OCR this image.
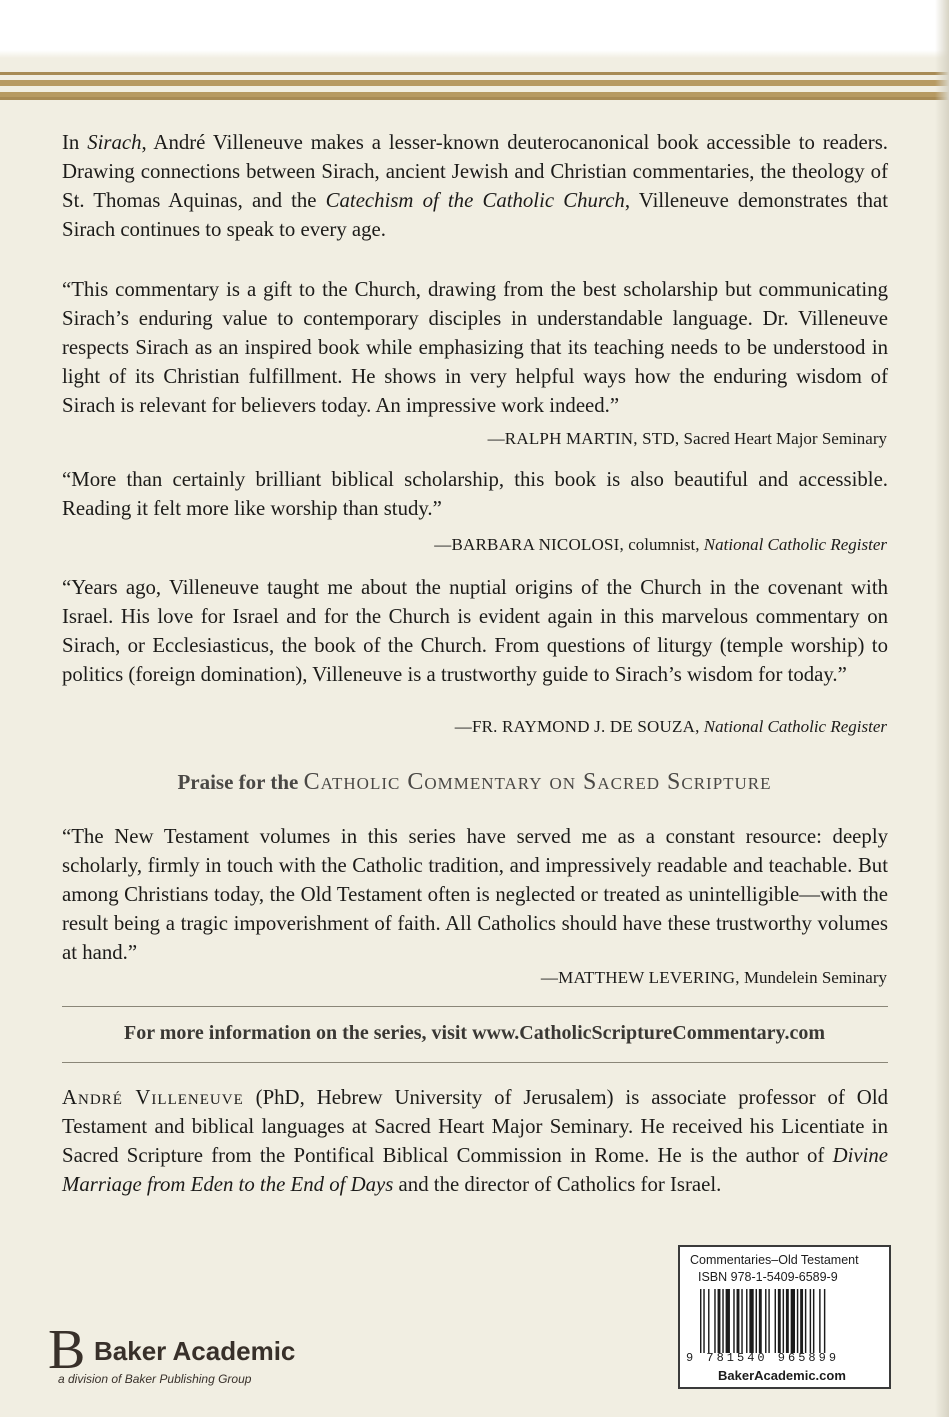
In Sirach, André Villeneuve makes a lesser-known deuterocanonical book accessible to readers. Drawing connections between Sirach, ancient Jewish and Christian commentaries, the theology of St. Thomas Aquinas, and the Catechism of the Catholic Church, Villeneuve demonstrates that Sirach continues to speak to every age.

“This commentary is a gift to the Church, drawing from the best scholarship but communicating Sirach’s enduring value to contemporary disciples in understandable language. Dr. Villeneuve respects Sirach as an inspired book while emphasizing that its teaching needs to be understood in light of its Christian fulfillment. He shows in very helpful ways how the enduring wisdom of Sirach is relevant for believers today. An impressive work indeed.”

—RALPH MARTIN, STD, Sacred Heart Major Seminary

“More than certainly brilliant biblical scholarship, this book is also beautiful and accessible. Reading it felt more like worship than study.”

—BARBARA NICOLOSI, columnist, National Catholic Register

“Years ago, Villeneuve taught me about the nuptial origins of the Church in the covenant with Israel. His love for Israel and for the Church is evident again in this marvelous commentary on Sirach, or Ecclesiasticus, the book of the Church. From questions of liturgy (temple worship) to politics (foreign domination), Villeneuve is a trustworthy guide to Sirach’s wisdom for today.”

—FR. RAYMOND J. DE SOUZA, National Catholic Register

Praise for the Catholic Commentary on Sacred Scripture

“The New Testament volumes in this series have served me as a constant resource: deeply scholarly, firmly in touch with the Catholic tradition, and impressively readable and teachable. But among Christians today, the Old Testament often is neglected or treated as unintelligible—with the result being a tragic impoverishment of faith. All Catholics should have these trustworthy volumes at hand.”

—MATTHEW LEVERING, Mundelein Seminary

For more information on the series, visit www.CatholicScriptureCommentary.com

André Villeneuve (PhD, Hebrew University of Jerusalem) is associate professor of Old Testament and biblical languages at Sacred Heart Major Seminary. He received his Licentiate in Sacred Scripture from the Pontifical Biblical Commission in Rome. He is the author of Divine Marriage from Eden to the End of Days and the director of Catholics for Israel.

B Baker Academic
a division of Baker Publishing Group
Commentaries–Old Testament
ISBN 978-1-5409-6589-9
9 781540 965899
BakerAcademic.com
